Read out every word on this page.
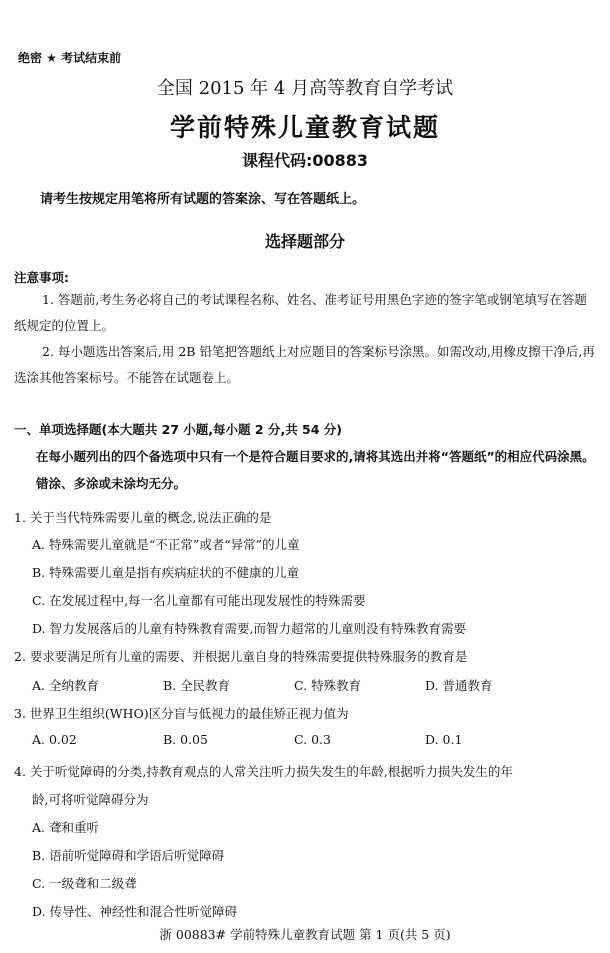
绝密 ★ 考试结束前
全国 2015 年 4 月高等教育自学考试
学前特殊儿童教育试题
课程代码:00883
请考生按规定用笔将所有试题的答案涂、写在答题纸上。
选择题部分
注意事项:

1. 答题前,考生务必将自己的考试课程名称、姓名、准考证号用黑色字迹的签字笔或钢笔填写在答题纸规定的位置上。

2. 每小题选出答案后,用 2B 铅笔把答题纸上对应题目的答案标号涂黑。如需改动,用橡皮擦干净后,再选涂其他答案标号。不能答在试题卷上。

一、单项选择题(本大题共 27 小题,每小题 2 分,共 54 分)
在每小题列出的四个备选项中只有一个是符合题目要求的,请将其选出并将“答题纸”的相应代码涂黑。错涂、多涂或未涂均无分。
1. 关于当代特殊需要儿童的概念,说法正确的是
A. 特殊需要儿童就是“不正常”或者“异常”的儿童
B. 特殊需要儿童是指有疾病症状的不健康的儿童
C. 在发展过程中,每一名儿童都有可能出现发展性的特殊需要
D. 智力发展落后的儿童有特殊教育需要,而智力超常的儿童则没有特殊教育需要
2. 要求要满足所有儿童的需要、并根据儿童自身的特殊需要提供特殊服务的教育是
A. 全纳教育	B. 全民教育	C. 特殊教育	D. 普通教育
3. 世界卫生组织(WHO)区分盲与低视力的最佳矫正视力值为
A. 0.02	B. 0.05	C. 0.3	D. 0.1
4. 关于听觉障碍的分类,持教育观点的人常关注听力损失发生的年龄,根据听力损失发生的年
龄,可将听觉障碍分为
A. 聋和重听
B. 语前听觉障碍和学语后听觉障碍
C. 一级聋和二级聋
D. 传导性、神经性和混合性听觉障碍
浙 00883# 学前特殊儿童教育试题 第 1 页(共 5 页)
